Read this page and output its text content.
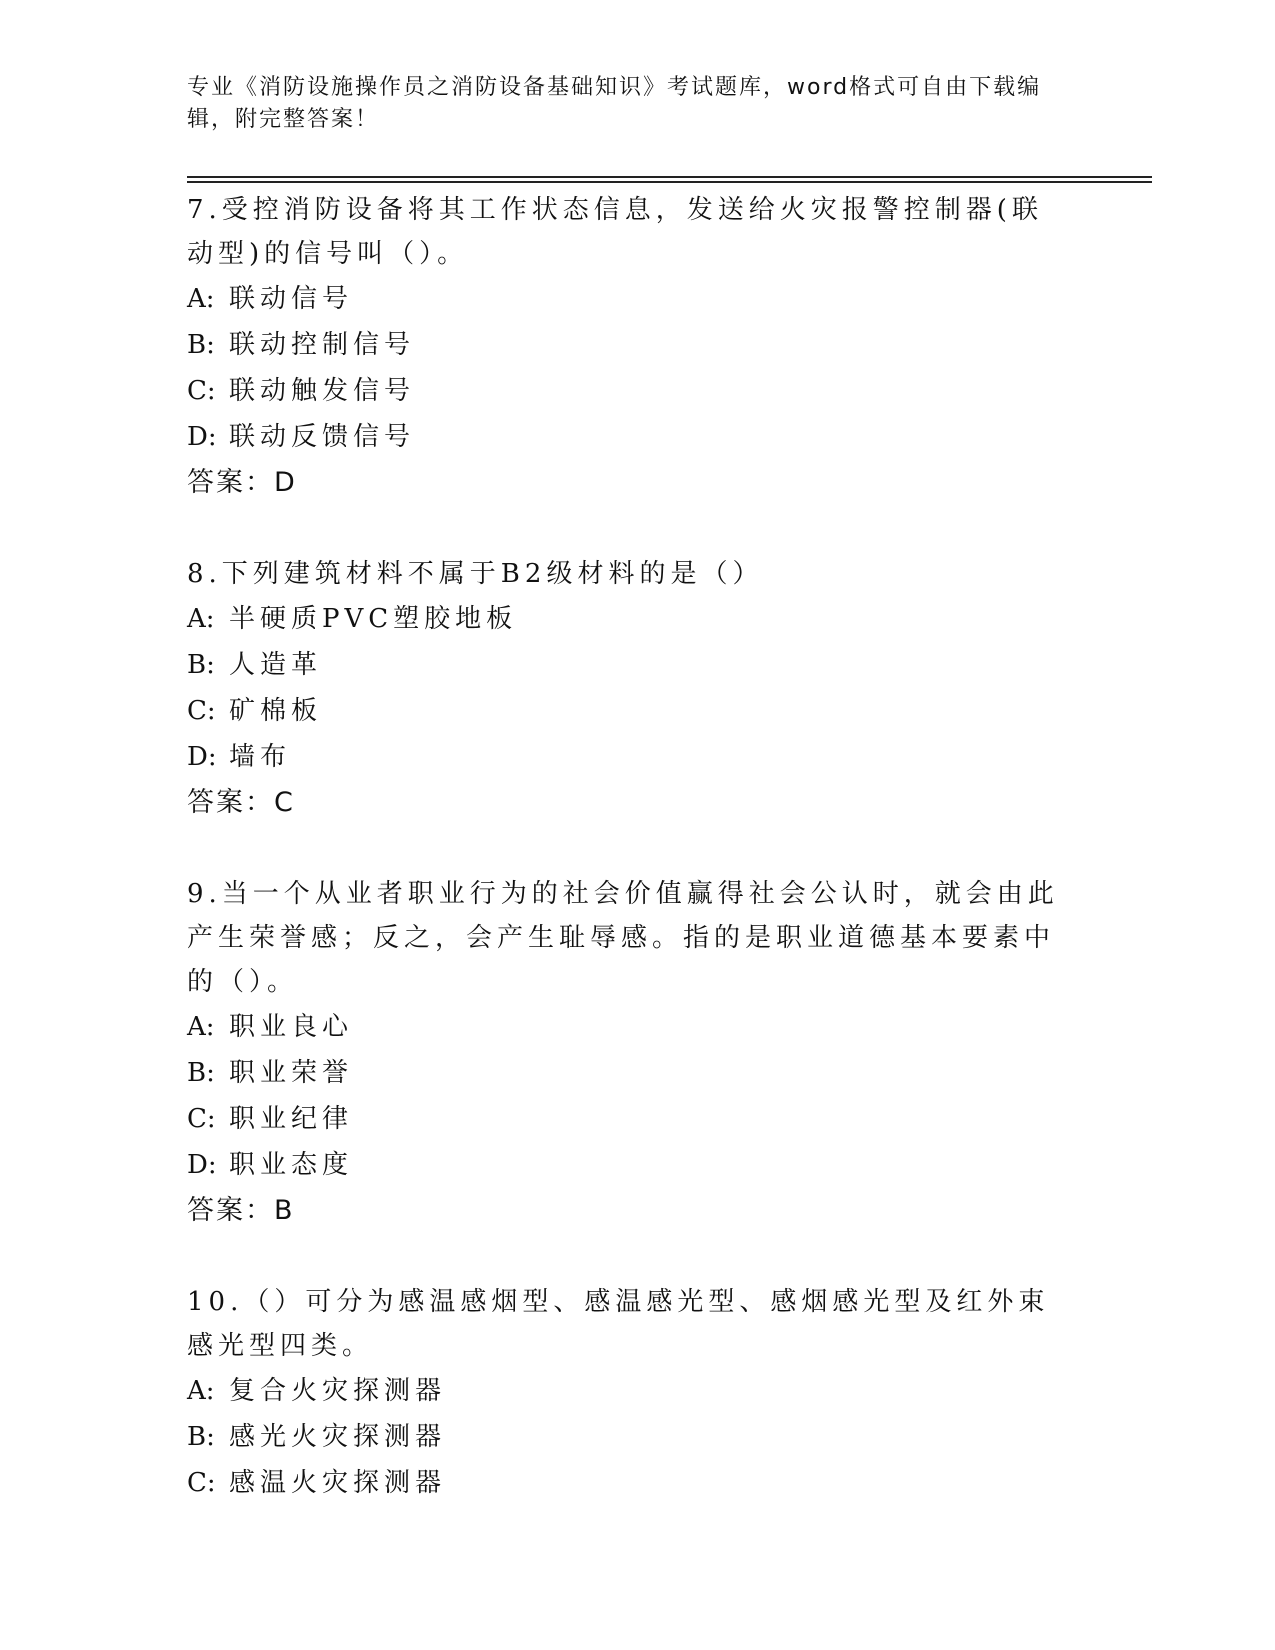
专业《消防设施操作员之消防设备基础知识》考试题库，word格式可自由下载编辑，附完整答案！
7.受控消防设备将其工作状态信息，发送给火灾报警控制器(联动型)的信号叫（）。
A: 联动信号
B: 联动控制信号
C: 联动触发信号
D: 联动反馈信号
答案：D
8.下列建筑材料不属于B2级材料的是（）
A: 半硬质PVC塑胶地板
B: 人造革
C: 矿棉板
D: 墙布
答案：C
9.当一个从业者职业行为的社会价值赢得社会公认时，就会由此产生荣誉感；反之，会产生耻辱感。指的是职业道德基本要素中的（）。
A: 职业良心
B: 职业荣誉
C: 职业纪律
D: 职业态度
答案：B
10.（）可分为感温感烟型、感温感光型、感烟感光型及红外束感光型四类。
A: 复合火灾探测器
B: 感光火灾探测器
C: 感温火灾探测器
